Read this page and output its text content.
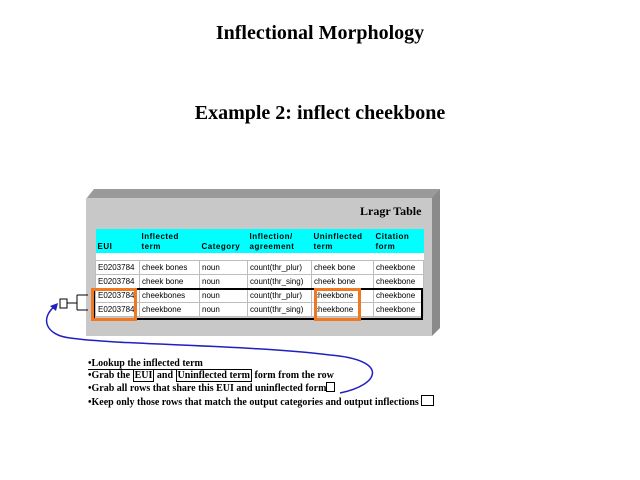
Inflectional Morphology
Example 2: inflect cheekbone
Lragr Table
EUI	Inflected term	Category	Inflection/ agreement	Uninflected term	Citation form

E0203784	cheek bones	noun	count(thr_plur)	cheek bone	cheekbone
E0203784	cheek bone	noun	count(thr_sing)	cheek bone	cheekbone
E0203784	cheekbones	noun	count(thr_plur)	cheekbone	cheekbone
E0203784	cheekbone	noun	count(thr_sing)	cheekbone	cheekbone
•Lookup the inflected term
•Grab the EUI and Uninflected term form from the row
•Grab all rows that share this EUI and uninflected form
•Keep only those rows that match the output categories and output inflections
